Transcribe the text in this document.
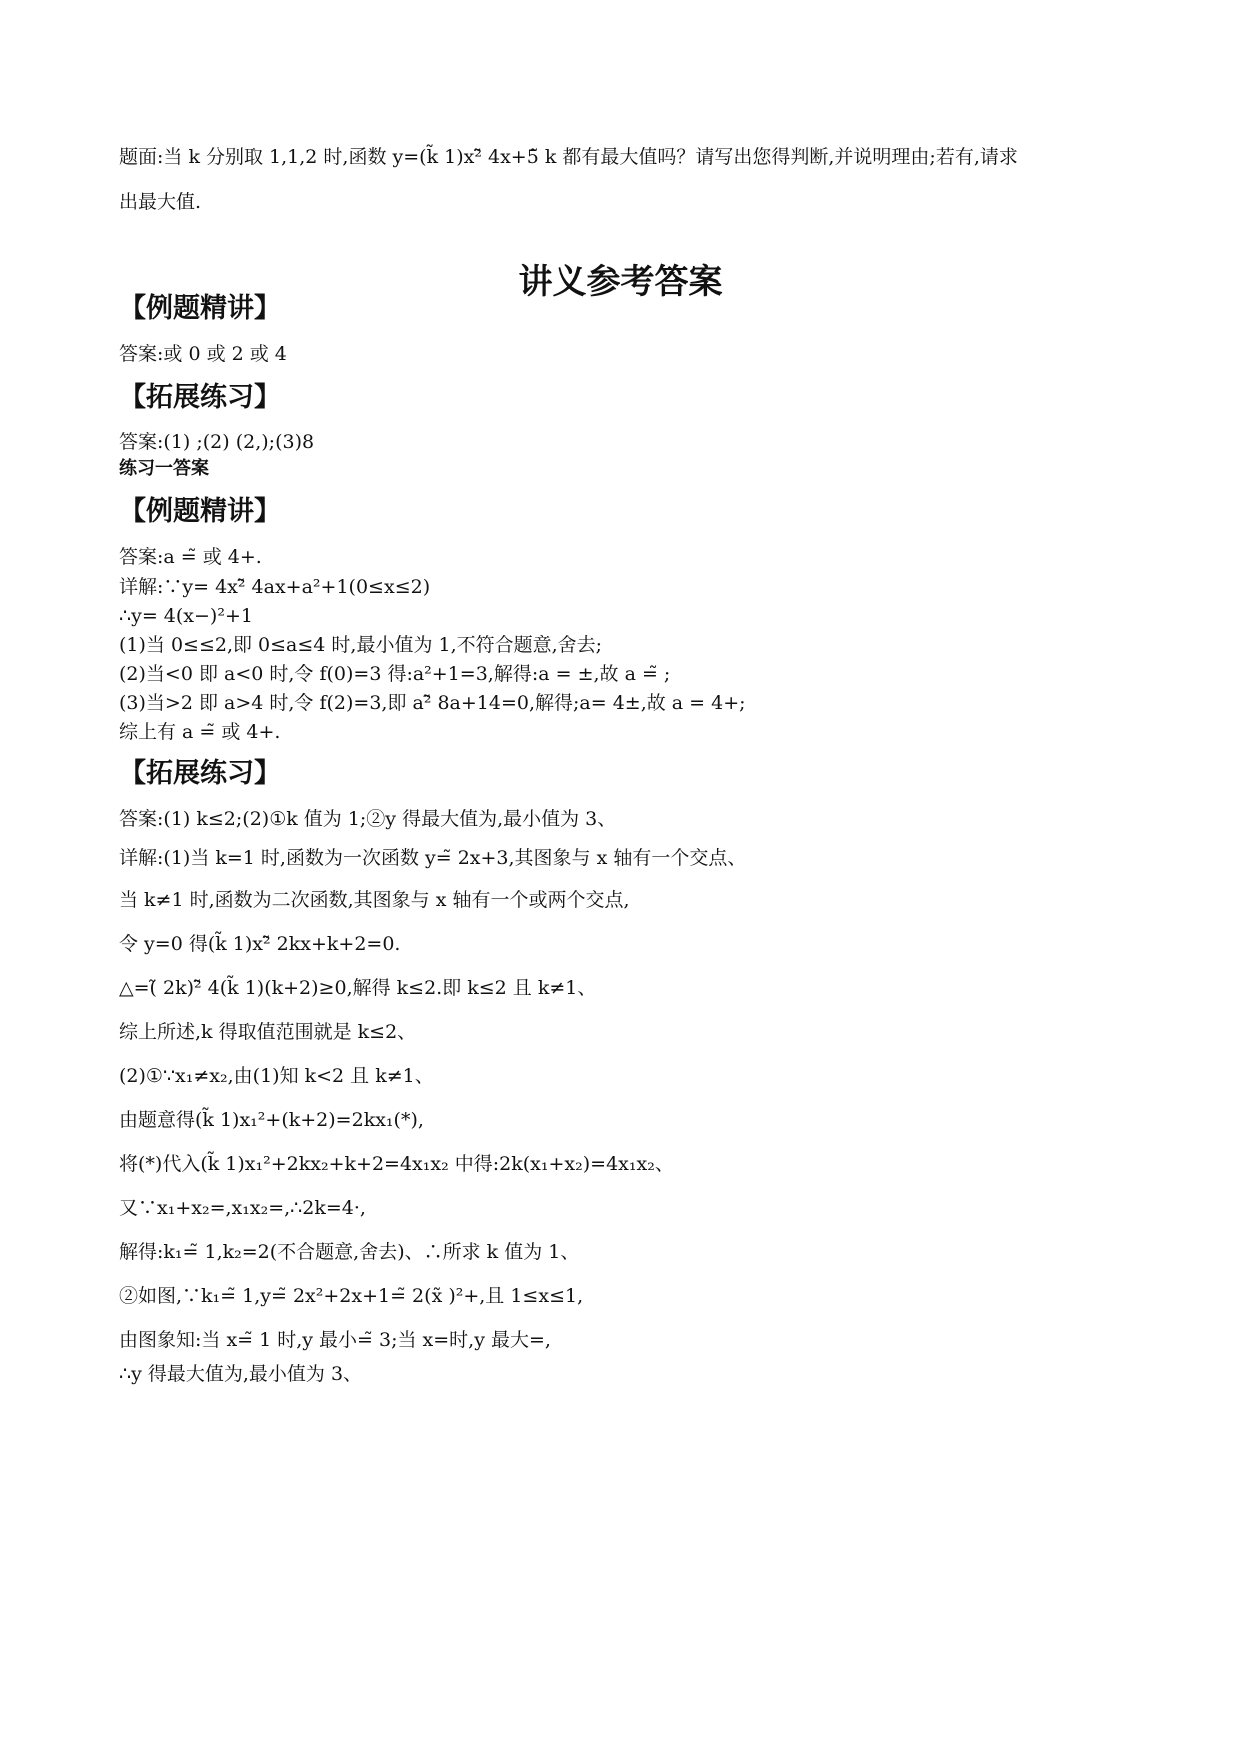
题面:当 k 分别取 1,1,2 时,函数 y=(k̃ 1)x²̃ 4x+5̃ k 都有最大值吗？请写出您得判断,并说明理由;若有,请求
出最大值.
讲义参考答案
【例题精讲】
答案:或 0 或 2 或 4
【拓展练习】
答案:(1) ;(2) (2,);(3)8
练习一答案
【例题精讲】
答案:a =̃ 或 4+.
详解:∵y= 4x²̃ 4ax+a²+1(0≤x≤2)
∴y= 4(x−)²+1
(1)当 0≤≤2,即 0≤a≤4 时,最小值为 1,不符合题意,舍去;
(2)当<0 即 a<0 时,令 f(0)=3 得:a²+1=3,解得:a = ±,故 a =̃ ;
(3)当>2 即 a>4 时,令 f(2)=3,即 a²̃ 8a+14=0,解得;a= 4±,故 a = 4+;
综上有 a =̃ 或 4+.
【拓展练习】
答案:(1) k≤2;(2)①k 值为 1;②y 得最大值为,最小值为 3、
详解:(1)当 k=1 时,函数为一次函数 y=̃ 2x+3,其图象与 x 轴有一个交点、
当 k≠1 时,函数为二次函数,其图象与 x 轴有一个或两个交点,
令 y=0 得(k̃ 1)x²̃ 2kx+k+2=0.
△=(̃ 2k)²̃ 4(k̃ 1)(k+2)≥0,解得 k≤2.即 k≤2 且 k≠1、
综上所述,k 得取值范围就是 k≤2、
(2)①∵x₁≠x₂,由(1)知 k<2 且 k≠1、
由题意得(k̃ 1)x₁²+(k+2)=2kx₁(*),
将(*)代入(k̃ 1)x₁²+2kx₂+k+2=4x₁x₂ 中得:2k(x₁+x₂)=4x₁x₂、
又∵x₁+x₂=,x₁x₂=,∴2k=4·,
解得:k₁=̃ 1,k₂=2(不合题意,舍去)、∴所求 k 值为 1、
②如图,∵k₁=̃ 1,y=̃ 2x²+2x+1=̃ 2(x̃ )²+,且 1≤x≤1,
由图象知:当 x=̃ 1 时,y 最小=̃ 3;当 x=时,y 最大=,
∴y 得最大值为,最小值为 3、
